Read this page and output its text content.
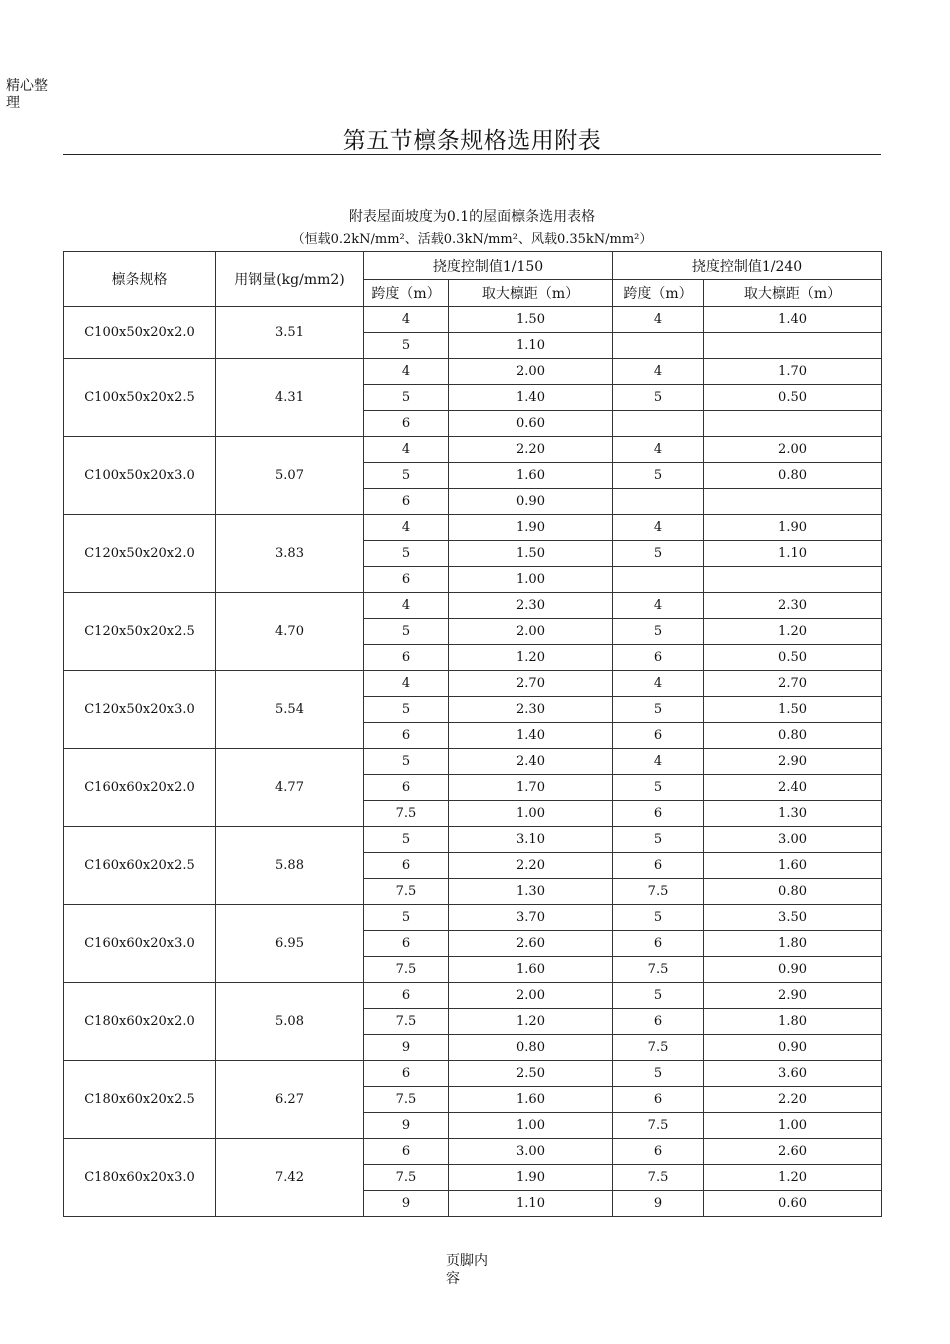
精心整理
第五节檩条规格选用附表
附表屋面坡度为0.1的屋面檩条选用表格
（恒载0.2kN/mm²、活载0.3kN/mm²、风载0.35kN/mm²）
檩条规格	用钢量(kg/mm2)	挠度控制值1/150		挠度控制值1/240	
		跨度（m）	取大檩距（m）	跨度（m）	取大檩距（m）
C100x50x20x2.0	3.51	4	1.50	4	1.40
		5	1.10		
C100x50x20x2.5	4.31	4	2.00	4	1.70
		5	1.40	5	0.50
		6	0.60		
C100x50x20x3.0	5.07	4	2.20	4	2.00
		5	1.60	5	0.80
		6	0.90		
C120x50x20x2.0	3.83	4	1.90	4	1.90
		5	1.50	5	1.10
		6	1.00		
C120x50x20x2.5	4.70	4	2.30	4	2.30
		5	2.00	5	1.20
		6	1.20	6	0.50
C120x50x20x3.0	5.54	4	2.70	4	2.70
		5	2.30	5	1.50
		6	1.40	6	0.80
C160x60x20x2.0	4.77	5	2.40	4	2.90
		6	1.70	5	2.40
		7.5	1.00	6	1.30
C160x60x20x2.5	5.88	5	3.10	5	3.00
		6	2.20	6	1.60
		7.5	1.30	7.5	0.80
C160x60x20x3.0	6.95	5	3.70	5	3.50
		6	2.60	6	1.80
		7.5	1.60	7.5	0.90
C180x60x20x2.0	5.08	6	2.00	5	2.90
		7.5	1.20	6	1.80
		9	0.80	7.5	0.90
C180x60x20x2.5	6.27	6	2.50	5	3.60
		7.5	1.60	6	2.20
		9	1.00	7.5	1.00
C180x60x20x3.0	7.42	6	3.00	6	2.60
		7.5	1.90	7.5	1.20
		9	1.10	9	0.60
页脚内容
